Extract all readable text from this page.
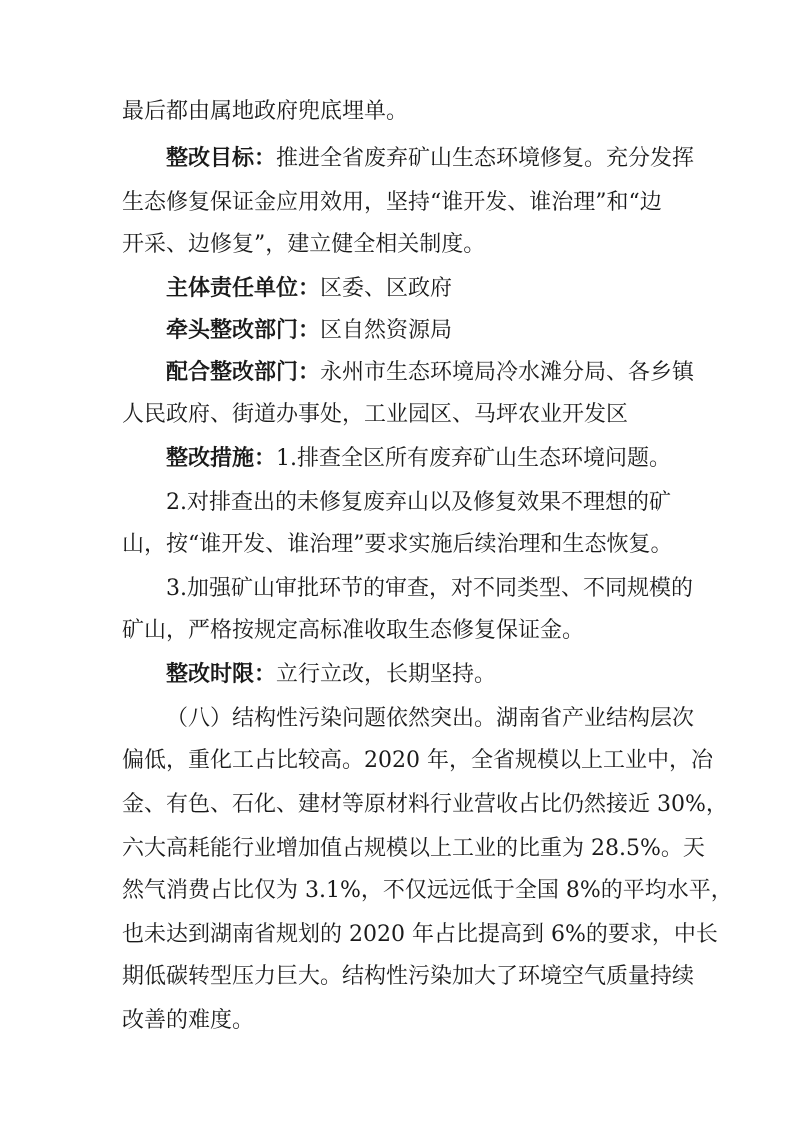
最后都由属地政府兜底埋单。
整改目标：推进全省废弃矿山生态环境修复。充分发挥
生态修复保证金应用效用，坚持“谁开发、谁治理”和“边
开采、边修复”，建立健全相关制度。
主体责任单位：区委、区政府
牵头整改部门：区自然资源局
配合整改部门：永州市生态环境局冷水滩分局、各乡镇
人民政府、街道办事处，工业园区、马坪农业开发区
整改措施：1.排查全区所有废弃矿山生态环境问题。
2.对排查出的未修复废弃山以及修复效果不理想的矿
山，按“谁开发、谁治理”要求实施后续治理和生态恢复。
3.加强矿山审批环节的审查，对不同类型、不同规模的
矿山，严格按规定高标准收取生态修复保证金。
整改时限：立行立改，长期坚持。
（八）结构性污染问题依然突出。湖南省产业结构层次
偏低，重化工占比较高。2020 年，全省规模以上工业中，冶
金、有色、石化、建材等原材料行业营收占比仍然接近 30%，
六大高耗能行业增加值占规模以上工业的比重为 28.5%。天
然气消费占比仅为 3.1%，不仅远远低于全国 8%的平均水平，
也未达到湖南省规划的 2020 年占比提高到 6%的要求，中长
期低碳转型压力巨大。结构性污染加大了环境空气质量持续
改善的难度。
